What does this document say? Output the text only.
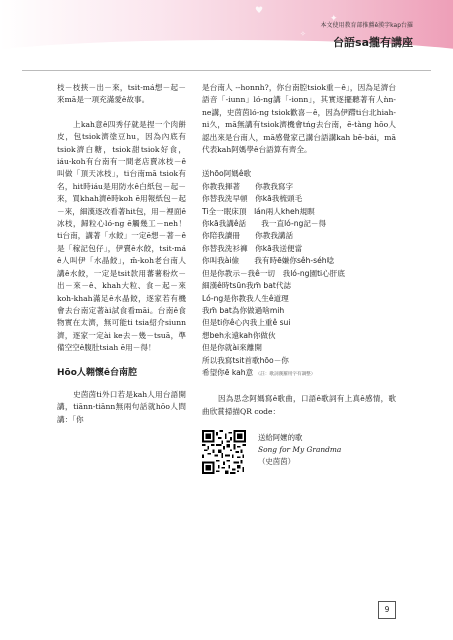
♥
✦
✧
本文使用教育部推薦ê漢字kap台羅
台語sa攏有講座

枝－枝挾－出－來，tsit-má想－起－來mā是一項充滿愛ê故事。

上kah意ê四秀仔就是捏一个肉餅皮，包tsiok濟塗豆hu，因為內底有tsiok濟白糖，tsiok甜tsiok好食，iáu-koh有台南有一間老店賣冰枝－ê叫做「頂天冰枝」，ti台南mā tsiok有名，hit時iáu是用防水ê白紙包－起－來，買khah濟ê時koh ē用報紙包－起－來，細漢逐改看著hit包，用－裡面ê冰枝，歸粒心ló-ng ē觸幾工－neh！ti台南，講著「水餃」一定ē想－著－ê是「稼記包仔」，伊賣ê水餃，tsit-má ê人叫伊「水晶餃」，m̄-koh老台南人講ê水餃，一定是tsit款用蕃薯粉炊－出－來－ê、khah大粒、食－起－來koh-khah滿足ê水晶餃，逐家若有機會去台南定著ài試食看māi。台南ê食物實在太濟，無可能ti tsia紹介siunn濟，逐家一定ài ke去－幾－tsuā，準備空空ê腹肚tsiah ē用－得！

Hōo人翱懷ê台南腔

史茵茵ti外口若是kah人用台語開講，tiānn-tiānn無兩句話就hōo人問講：「你

是台南人 --honnh?，你台南腔tsiok重－ê」，因為足濟台語音「-iunn」ló-ng講「-ionn」，其實逐擺聽著有人ǹn-ne講，史茵茵ló-ng tsiok歡喜－ê，因為伊蹛ti台北hiah-ni久，mā無講有tsiok濟機會tńg去台南，ē-tàng hōo人認出來是台南人，mā感覺家己講台語講kah bē-bái，mā代表kah阿媽學ê台語算有齊全。

送hōo阿媽ê歌
你教我揮著　　你教我寫字
你替我洗早頓　你kā我梳頭毛
Ti全一眠床頂　lán兩人kheh規瞑
你kā我講ê話　　我一直ló-ng記－得
你陪我讀冊　　你教我講話
你替我洗衫褲　你kā我送便當
你叫我ài儉　　我有時ē嫌你sêh-séh唸
但是你教示－我ê一切　我ló-ng園ti心肝底
細漢ê時tsūn我m̄ bat代誌
Ló-ng是你教我人生ê道理
我m̄ bat為你做過啥mih
但是ti你ê心內我上重ê sui
想beh永遠kah你做伙
但是你就ài來離開
所以我寫tsit首歌hōo－你
希望你ē kah意 （註：歌詞漢羅用字有調整）

因為思念阿媽寫ê歌曲，口語ê歌詞有上真ê感情，歌曲欣賞掃描QR code：

送給阿嬤的歌
Song for My Grandma
（史茵茵）
9
